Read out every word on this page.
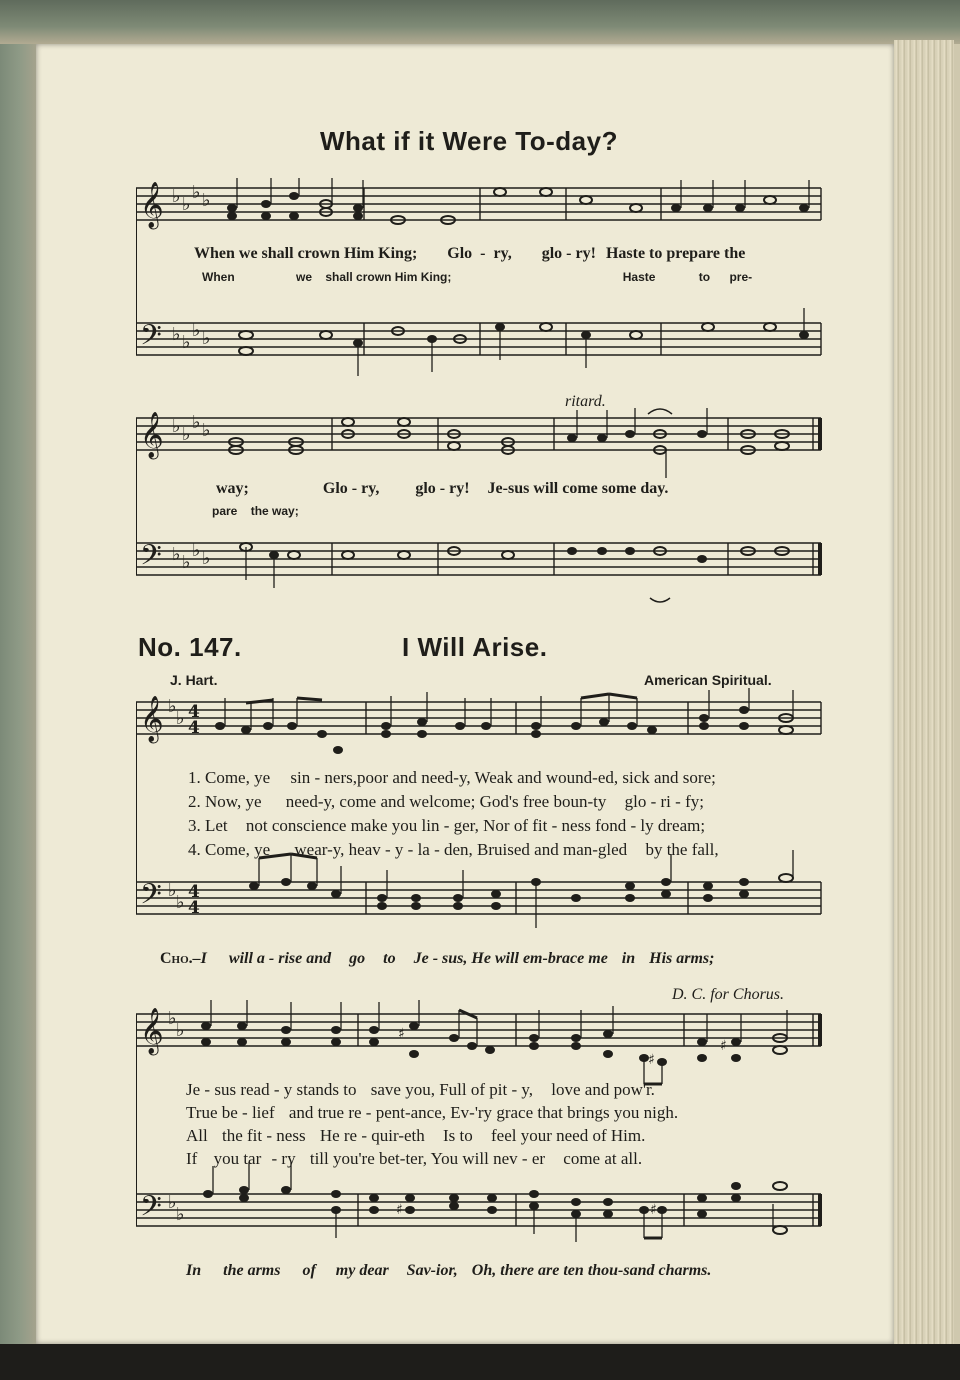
What if it Were To-day?
𝄞
𝄢
♭ ♭
♭ ♭
♭ ♭
♭ ♭
When we shall crown Him King; Glo - ry, glo - ry! Haste to prepare the
When	we shall crown Him King;	Haste	to pre-
ritard.
𝄞
𝄢
♭ ♭
♭ ♭
♭ ♭
♭ ♭
way;	Glo - ry, glo - ry! Je-sus will come some day.
pare the way;
No. 147.	I Will Arise.
J. Hart.	American Spiritual.
𝄞
𝄢
♭
♭
♭
♭
4
4
4
4
1. Come, ye sin - ners,poor and need-y, Weak and wound-ed, sick and sore;
2. Now, ye need-y, come and welcome; God's free boun-ty glo - ri - fy;
3. Let not conscience make you lin - ger, Nor of fit - ness fond - ly dream;
4. Come, ye wear-y, heav - y - la - den, Bruised and man-gled by the fall,
Cho.–I will a - rise and go to Je - sus, He will em-brace me in His arms;
D. C. for Chorus.
𝄞
𝄢
♭
♭
♭
♭
♯
♯
♯
♯	♯
Je - sus read - y stands to save you, Full of pit - y, love and pow'r.
True be - lief and true re - pent-ance, Ev-'ry grace that brings you nigh.
All the fit - ness He re - quir-eth Is to feel your need of Him.
If you tar - ry till you're bet-ter, You will nev - er come at all.
In the arms of my dear Sav-ior, Oh, there are ten thou-sand charms.
